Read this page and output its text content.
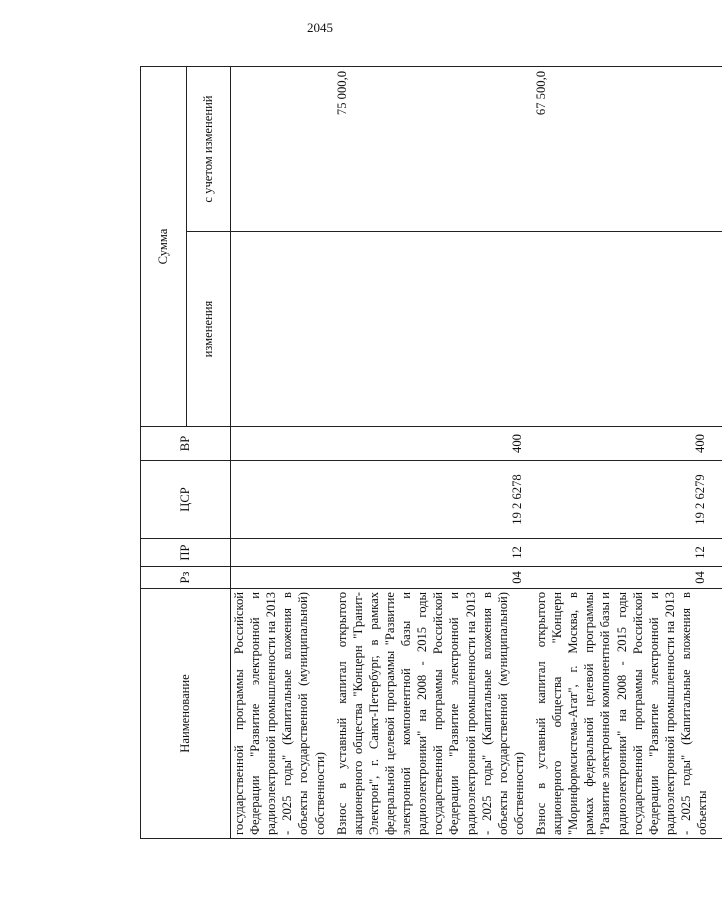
2045
Наименование	Рз	ПР	ЦСР	ВР	Сумма	
					изменения	с учетом изменений
государственной программы Российской Федерации "Развитие электронной и радиоэлектронной промышленности на 2013 - 2025 годы" (Капитальные вложения в объекты государственной (муниципальной) собственности)						
Взнос в уставный капитал открытого акционерного общества "Концерн "Гранит-Электрон", г. Санкт-Петербург, в рамках федеральной целевой программы "Развитие электронной компонентной базы и радиоэлектроники" на 2008 - 2015 годы государственной программы Российской Федерации "Развитие электронной и радиоэлектронной промышленности на 2013 - 2025 годы" (Капитальные вложения в объекты государственной (муниципальной) собственности)	04	12	19 2 6278	400		75 000,0
Взнос в уставный капитал открытого акционерного общества "Концерн "Моринформсистема-Агат", г. Москва, в рамках федеральной целевой программы "Развитие электронной компонентной базы и радиоэлектроники" на 2008 - 2015 годы государственной программы Российской Федерации "Развитие электронной и радиоэлектронной промышленности на 2013 - 2025 годы" (Капитальные вложения в объекты	04	12	19 2 6279	400		67 500,0
